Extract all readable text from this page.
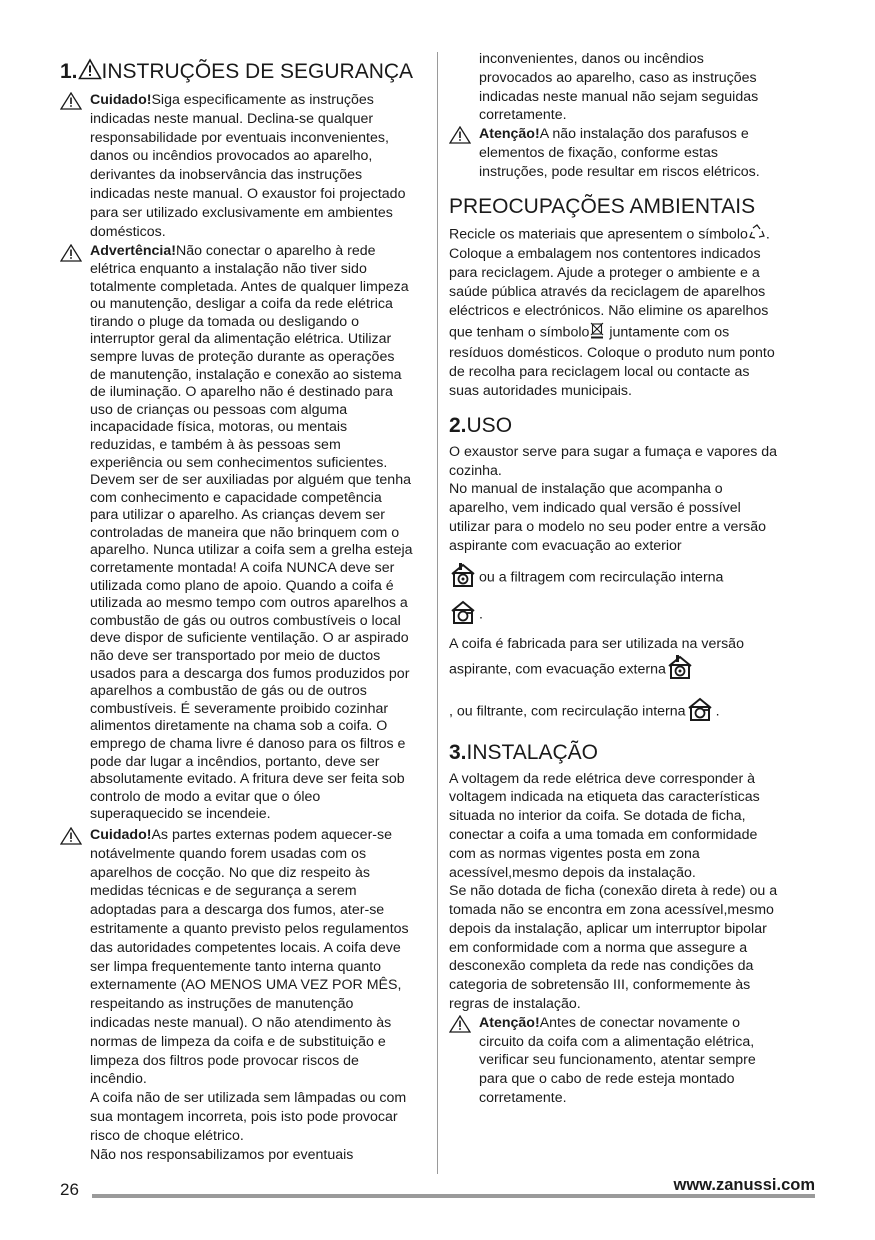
1. INSTRUÇÕES DE SEGURANÇA

Cuidado!Siga especificamente as instruções indicadas neste manual. Declina-se qualquer responsabilidade por eventuais inconvenientes, danos ou incêndios provocados ao aparelho, derivantes da inobservância das instruções indicadas neste manual. O exaustor foi projectado para ser utilizado exclusivamente em ambientes domésticos.

Advertência!Não conectar o aparelho à rede elétrica enquanto a instalação não tiver sido totalmente completada. Antes de qualquer limpeza ou manutenção, desligar a coifa da rede elétrica tirando o pluge da tomada ou desligando o interruptor geral da alimentação elétrica. Utilizar sempre luvas de proteção durante as operações de manutenção, instalação e conexão ao sistema de iluminação. O aparelho não é destinado para uso de crianças ou pessoas com alguma incapacidade física, motoras, ou mentais reduzidas, e também à às pessoas sem experiência ou sem conhecimentos suficientes. Devem ser de ser auxiliadas por alguém que tenha com conhecimento e capacidade competência para utilizar o aparelho. As crianças devem ser controladas de maneira que não brinquem com o aparelho. Nunca utilizar a coifa sem a grelha esteja corretamente montada! A coifa NUNCA deve ser utilizada como plano de apoio. Quando a coifa é utilizada ao mesmo tempo com outros aparelhos a combustão de gás ou outros combustíveis o local deve dispor de suficiente ventilação. O ar aspirado não deve ser transportado por meio de ductos usados para a descarga dos fumos produzidos por aparelhos a combustão de gás ou de outros combustíveis. É severamente proibido cozinhar alimentos diretamente na chama sob a coifa. O emprego de chama livre é danoso para os filtros e pode dar lugar a incêndios, portanto, deve ser absolutamente evitado. A fritura deve ser feita sob controlo de modo a evitar que o óleo superaquecido se incendeie.

Cuidado!As partes externas podem aquecer-se notávelmente quando forem usadas com os aparelhos de cocção. No que diz respeito às medidas técnicas e de segurança a serem adoptadas para a descarga dos fumos, ater-se estritamente a quanto previsto pelos regulamentos das autoridades competentes locais. A coifa deve ser limpa frequentemente tanto interna quanto externamente (AO MENOS UMA VEZ POR MÊS, respeitando as instruções de manutenção indicadas neste manual). O não atendimento às normas de limpeza da coifa e de substituição e limpeza dos filtros pode provocar riscos de incêndio.

A coifa não de ser utilizada sem lâmpadas ou com sua montagem incorreta, pois isto pode provocar risco de choque elétrico.

Não nos responsabilizamos por eventuais

inconvenientes, danos ou incêndios provocados ao aparelho, caso as instruções indicadas neste manual não sejam seguidas corretamente.

Atenção!A não instalação dos parafusos e elementos de fixação, conforme estas instruções, pode resultar em riscos elétricos.

PREOCUPAÇÕES AMBIENTAIS

Recicle os materiais que apresentem o símbolo . Coloque a embalagem nos contentores indicados para reciclagem. Ajude a proteger o ambiente e a saúde pública através da reciclagem de aparelhos eléctricos e electrónicos. Não elimine os aparelhos que tenham o símbolo juntamente com os resíduos domésticos. Coloque o produto num ponto de recolha para reciclagem local ou contacte as suas autoridades municipais.

2.USO

O exaustor serve para sugar a fumaça e vapores da cozinha.

No manual de instalação que acompanha o aparelho, vem indicado qual versão é possível utilizar para o modelo no seu poder entre a versão aspirante com evacuação ao exterior

ou a filtragem com recirculação interna

.

A coifa é fabricada para ser utilizada na versão aspirante, com evacuação externa

, ou filtrante, com recirculação interna .

3.INSTALAÇÃO

A voltagem da rede elétrica deve corresponder à voltagem indicada na etiqueta das características situada no interior da coifa. Se dotada de ficha, conectar a coifa a uma tomada em conformidade com as normas vigentes posta em zona acessível,mesmo depois da instalação.

Se não dotada de ficha (conexão direta à rede) ou a tomada não se encontra em zona acessível,mesmo depois da instalação, aplicar um interruptor bipolar em conformidade com a norma que assegure a desconexão completa da rede nas condições da categoria de sobretensão III, conformemente às regras de instalação.

Atenção!Antes de conectar novamente o circuito da coifa com a alimentação elétrica, verificar seu funcionamento, atentar sempre para que o cabo de rede esteja montado corretamente.

26	www.zanussi.com
